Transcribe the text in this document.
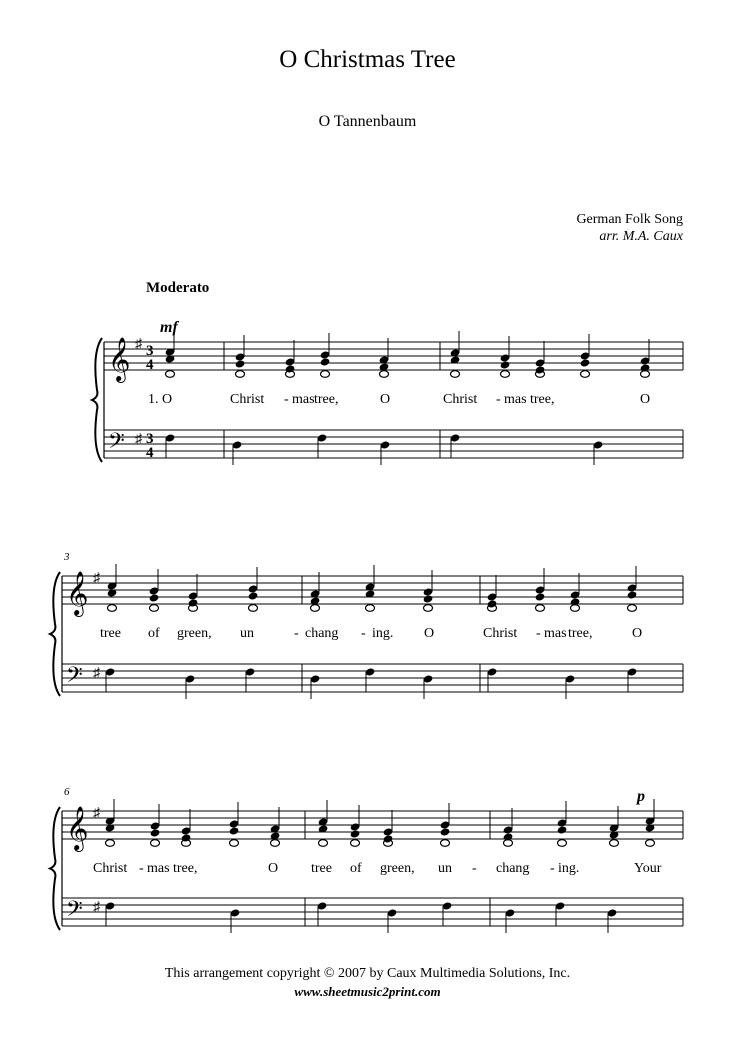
O Christmas Tree
O Tannenbaum
German Folk Song
arr. M.A. Caux
Moderato
𝄞
𝄢
♯
♯
3
4
3
4
mf
1. O	Christ - mas tree,	O	Christ - mas tree,	O
𝄞
𝄢
♯
♯
3
tree of green, un	- chang - ing. O	Christ - mas tree,	O
𝄞
𝄢
♯
♯
6	p
Christ - mas tree,	O tree of green, un - chang - ing.	Your
This arrangement copyright © 2007 by Caux Multimedia Solutions, Inc.
www.sheetmusic2print.com
